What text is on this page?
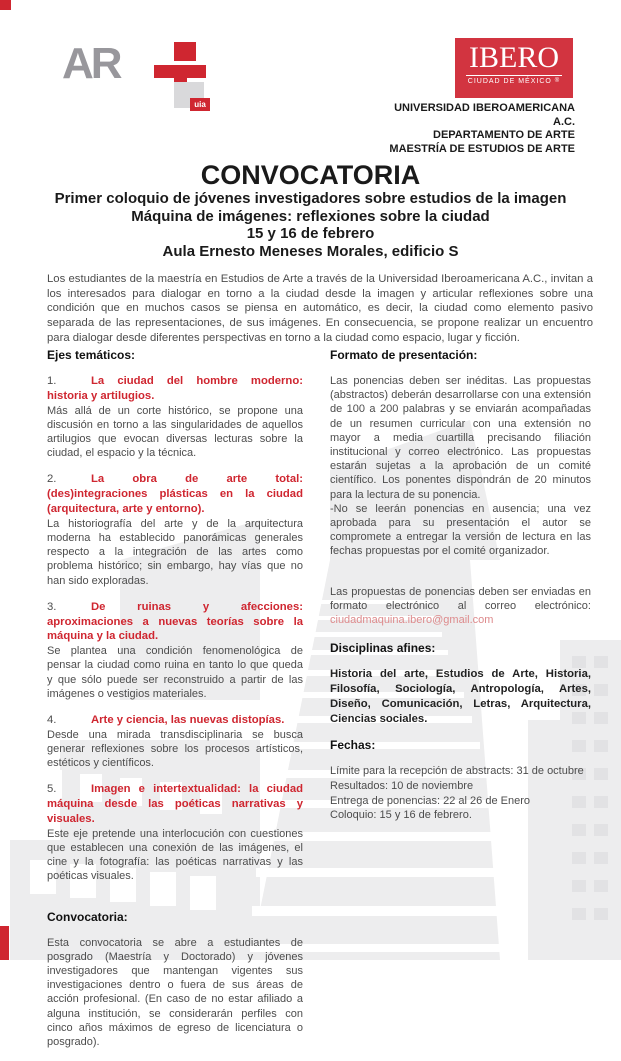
AR
uia
IBERO
CIUDAD DE MÉXICO ®
UNIVERSIDAD IBEROAMERICANA
A.C.
DEPARTAMENTO DE ARTE
MAESTRÍA DE ESTUDIOS DE ARTE
CONVOCATORIA
Primer coloquio de jóvenes investigadores sobre estudios de la imagen
Máquina de imágenes: reflexiones sobre la ciudad
15 y 16 de febrero
Aula Ernesto Meneses Morales, edificio S

Los estudiantes de la maestría en Estudios de Arte a través de la Universidad Iberoamericana A.C., invitan a los interesados para dialogar en torno a la ciudad desde la imagen y articular reflexiones sobre una condición que en muchos casos se piensa en automático, es decir, la ciudad como elemento pasivo separada de las representaciones, de sus imágenes. En consecuencia, se propone realizar un encuentro para dialogar desde diferentes perspectivas en torno a la ciudad como espacio, lugar y ficción.

Ejes temáticos:

1.	La ciudad del hombre moderno: historia y artilugios.

Más allá de un corte histórico, se propone una discusión en torno a las singularidades de aquellos artilugios que evocan diversas lecturas sobre la ciudad, el espacio y la técnica.

2.	La obra de arte total: (des)integraciones plásticas en la ciudad (arquitectura, arte y entorno).

La historiografía del arte y de la arquitectura moderna ha establecido panorámicas generales respecto a la integración de las artes como problema histórico; sin embargo, hay vías que no han sido exploradas.

3.	De ruinas y afecciones: aproximaciones a nuevas teorías sobre la máquina y la ciudad.

Se plantea una condición fenomenológica de pensar la ciudad como ruina en tanto lo que queda y que sólo puede ser reconstruido a partir de las imágenes o vestigios materiales.

4.	Arte y ciencia, las nuevas distopías.

Desde una mirada transdisciplinaria se busca generar reflexiones sobre los procesos artísticos, estéticos y científicos.

5.	Imagen e intertextualidad: la ciudad máquina desde las poéticas narrativas y visuales.

Este eje pretende una interlocución con cuestiones que establecen una conexión de las imágenes, el cine y la fotografía: las poéticas narrativas y las poéticas visuales.

Convocatoria:

Esta convocatoria se abre a estudiantes de posgrado (Maestría y Doctorado) y jóvenes investigadores que mantengan vigentes sus investigaciones dentro o fuera de sus áreas de acción profesional. (En caso de no estar afiliado a alguna institución, se considerarán perfiles con cinco años máximos de egreso de licenciatura o posgrado).

Formato de presentación:

Las ponencias deben ser inéditas. Las propuestas (abstractos) deberán desarrollarse con una extensión de 100 a 200 palabras y se enviarán acompañadas de un resumen curricular con una extensión no mayor a media cuartilla precisando filiación institucional y correo electrónico. Las propuestas estarán sujetas a la aprobación de un comité científico. Los ponentes dispondrán de 20 minutos para la lectura de su ponencia.

-No se leerán ponencias en ausencia; una vez aprobada para su presentación el autor se compromete a entregar la versión de lectura en las fechas propuestas por el comité organizador.

Las propuestas de ponencias deben ser enviadas en formato electrónico al correo electrónico: ciudadmaquina.ibero@gmail.com

Disciplinas afines:

Historia del arte, Estudios de Arte, Historia, Filosofía, Sociología, Antropología, Artes, Diseño, Comunicación, Letras, Arquitectura, Ciencias sociales.

Fechas:

Límite para la recepción de abstracts: 31 de octubre
Resultados: 10 de noviembre
Entrega de ponencias: 22 al 26 de Enero
Coloquio: 15 y 16 de febrero.
